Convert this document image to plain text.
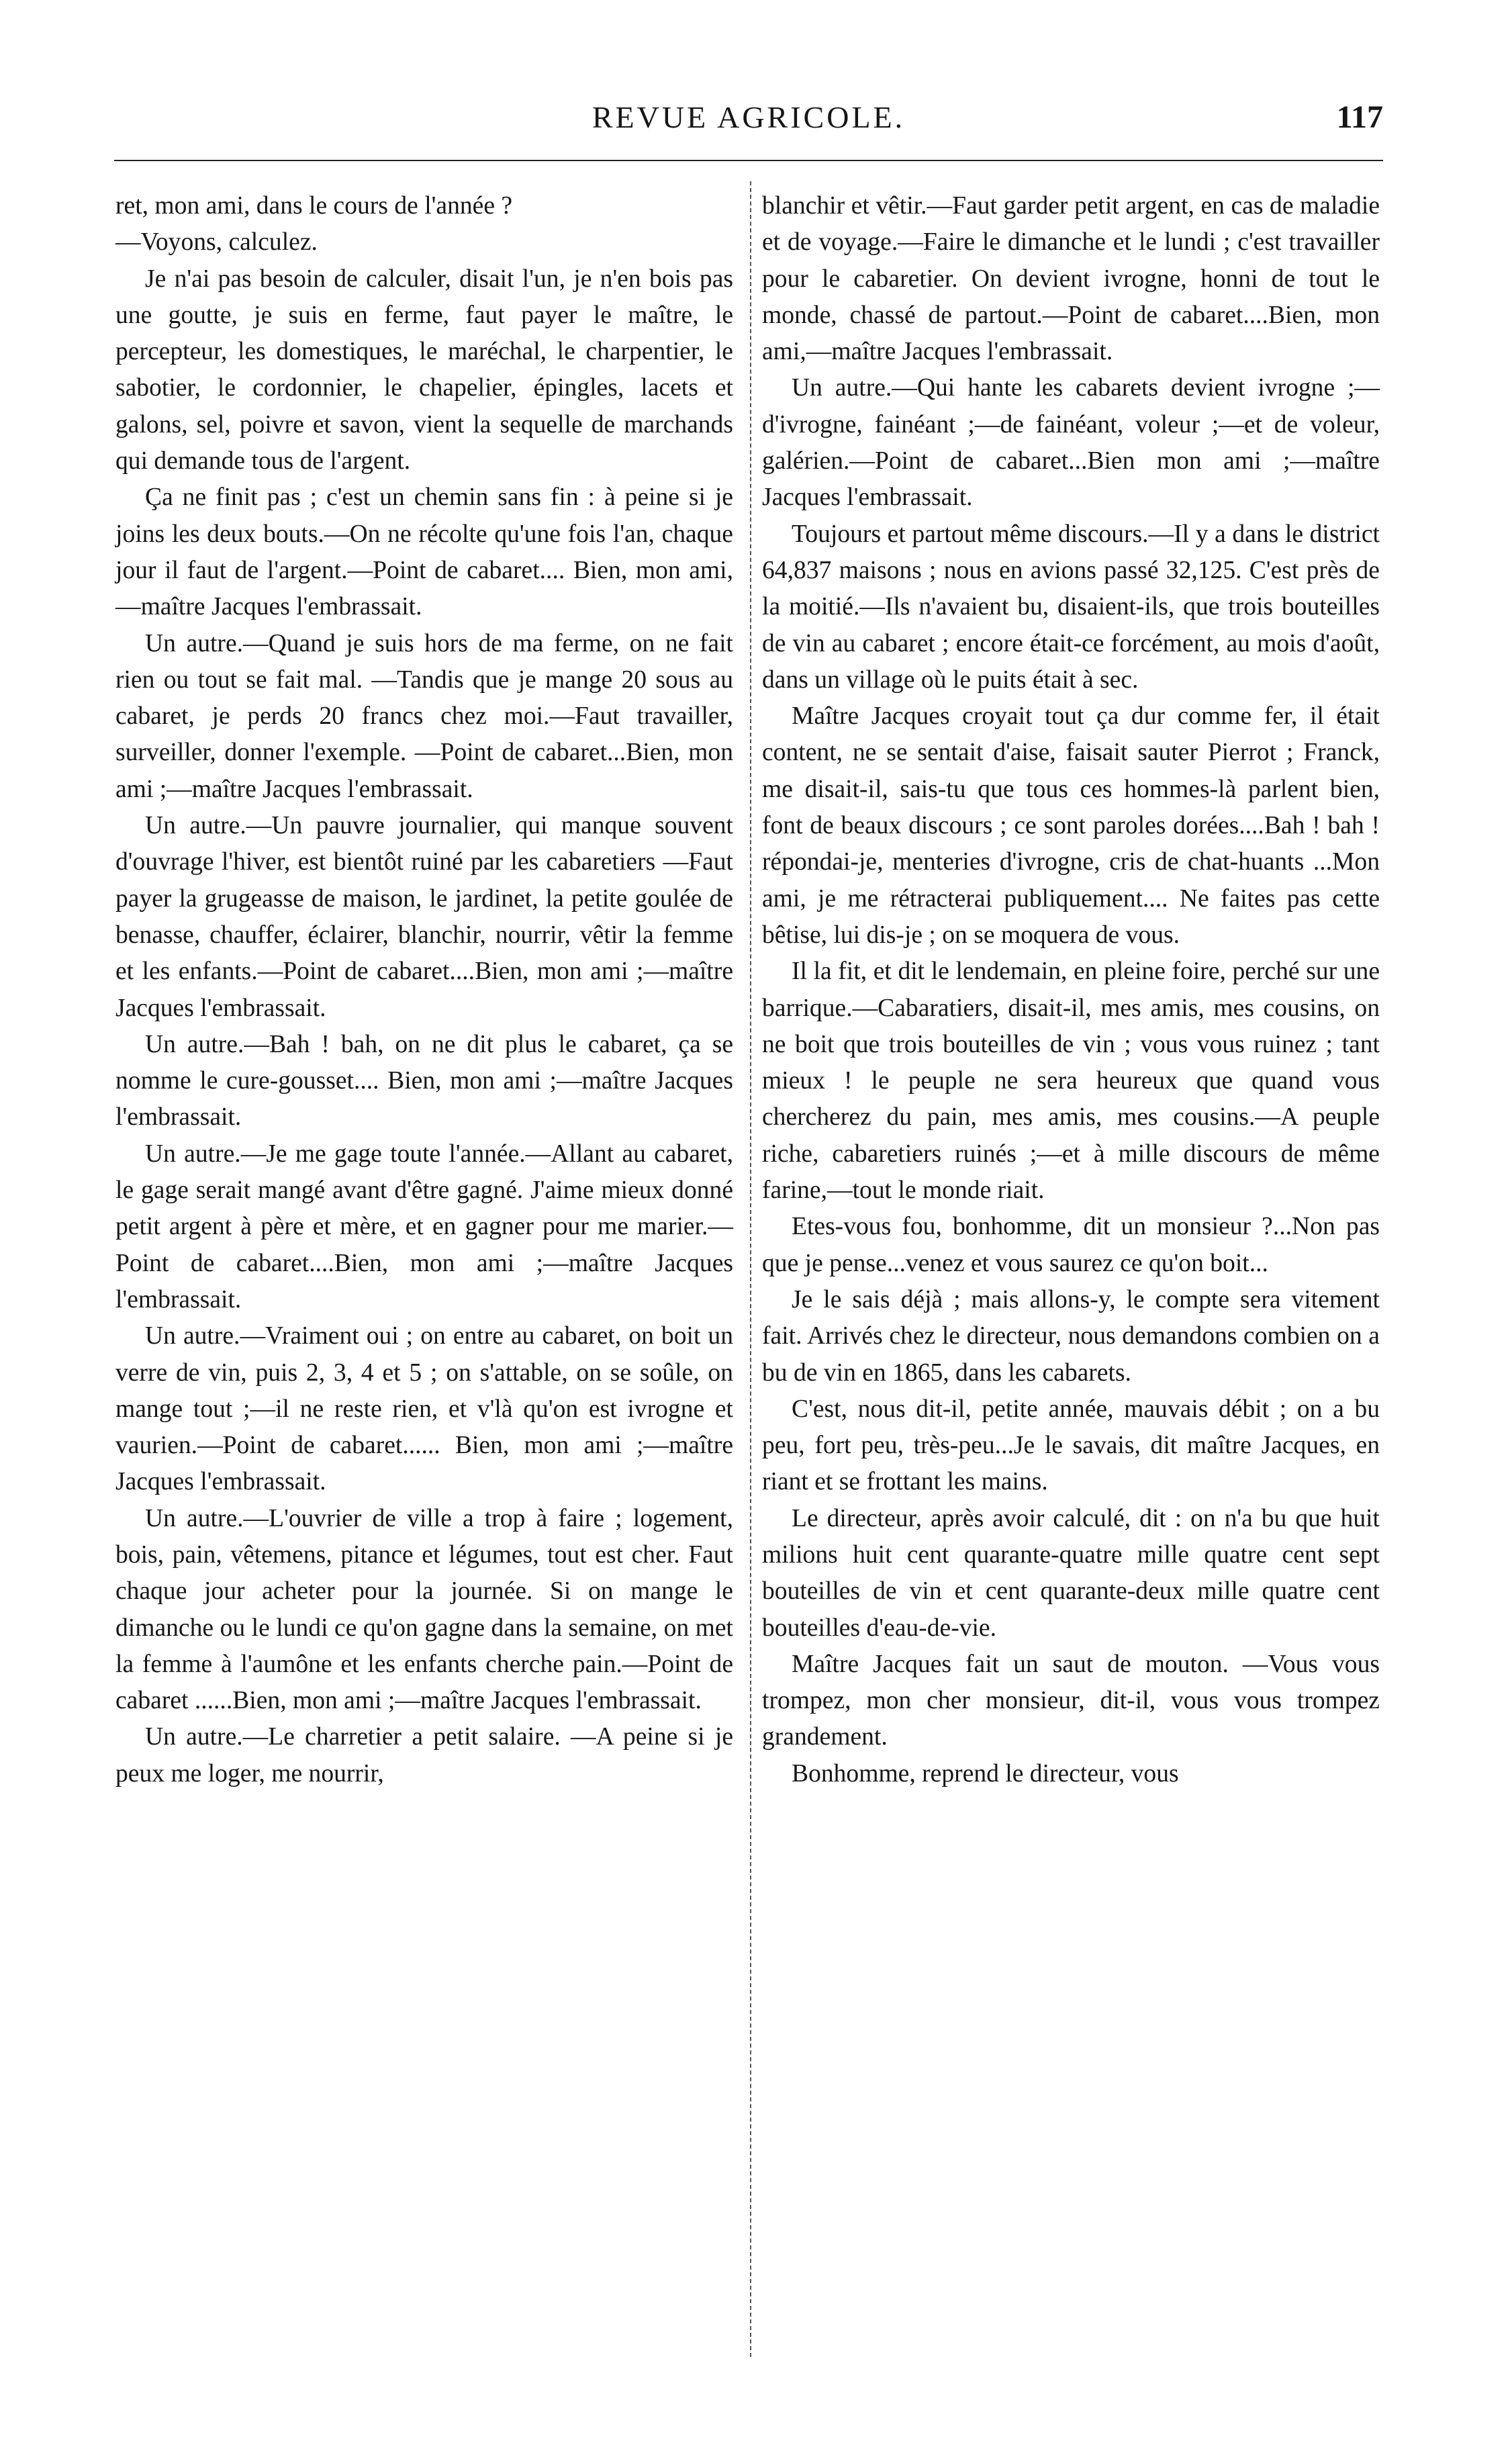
REVUE AGRICOLE.	117

ret, mon ami, dans le cours de l'année ?

—Voyons, calculez.

Je n'ai pas besoin de calculer, disait l'un, je n'en bois pas une goutte, je suis en ferme, faut payer le maître, le percepteur, les domestiques, le maréchal, le charpentier, le sabotier, le cordonnier, le chapelier, épingles, lacets et galons, sel, poivre et savon, vient la sequelle de marchands qui demande tous de l'argent.

Ça ne finit pas ; c'est un chemin sans fin : à peine si je joins les deux bouts.—On ne récolte qu'une fois l'an, chaque jour il faut de l'argent.—Point de cabaret.... Bien, mon ami,—maître Jacques l'embrassait.

Un autre.—Quand je suis hors de ma ferme, on ne fait rien ou tout se fait mal. —Tandis que je mange 20 sous au cabaret, je perds 20 francs chez moi.—Faut travailler, surveiller, donner l'exemple. —Point de cabaret...Bien, mon ami ;—maître Jacques l'embrassait.

Un autre.—Un pauvre journalier, qui manque souvent d'ouvrage l'hiver, est bientôt ruiné par les cabaretiers —Faut payer la grugeasse de maison, le jardinet, la petite goulée de benasse, chauffer, éclairer, blanchir, nourrir, vêtir la femme et les enfants.—Point de cabaret....Bien, mon ami ;—maître Jacques l'embrassait.

Un autre.—Bah ! bah, on ne dit plus le cabaret, ça se nomme le cure-gousset.... Bien, mon ami ;—maître Jacques l'embrassait.

Un autre.—Je me gage toute l'année.—Allant au cabaret, le gage serait mangé avant d'être gagné. J'aime mieux donné petit argent à père et mère, et en gagner pour me marier.—Point de cabaret....Bien, mon ami ;—maître Jacques l'embrassait.

Un autre.—Vraiment oui ; on entre au cabaret, on boit un verre de vin, puis 2, 3, 4 et 5 ; on s'attable, on se soûle, on mange tout ;—il ne reste rien, et v'là qu'on est ivrogne et vaurien.—Point de cabaret...... Bien, mon ami ;—maître Jacques l'embrassait.

Un autre.—L'ouvrier de ville a trop à faire ; logement, bois, pain, vêtemens, pitance et légumes, tout est cher. Faut chaque jour acheter pour la journée. Si on mange le dimanche ou le lundi ce qu'on gagne dans la semaine, on met la femme à l'aumône et les enfants cherche pain.—Point de cabaret ......Bien, mon ami ;—maître Jacques l'embrassait.

Un autre.—Le charretier a petit salaire. —A peine si je peux me loger, me nourrir,

blanchir et vêtir.—Faut garder petit argent, en cas de maladie et de voyage.—Faire le dimanche et le lundi ; c'est travailler pour le cabaretier. On devient ivrogne, honni de tout le monde, chassé de partout.—Point de cabaret....Bien, mon ami,—maître Jacques l'embrassait.

Un autre.—Qui hante les cabarets devient ivrogne ;—d'ivrogne, fainéant ;—de fainéant, voleur ;—et de voleur, galérien.—Point de cabaret...Bien mon ami ;—maître Jacques l'embrassait.

Toujours et partout même discours.—Il y a dans le district 64,837 maisons ; nous en avions passé 32,125. C'est près de la moitié.—Ils n'avaient bu, disaient-ils, que trois bouteilles de vin au cabaret ; encore était-ce forcément, au mois d'août, dans un village où le puits était à sec.

Maître Jacques croyait tout ça dur comme fer, il était content, ne se sentait d'aise, faisait sauter Pierrot ; Franck, me disait-il, sais-tu que tous ces hommes-là parlent bien, font de beaux discours ; ce sont paroles dorées....Bah ! bah ! répondai-je, menteries d'ivrogne, cris de chat-huants ...Mon ami, je me rétracterai publiquement.... Ne faites pas cette bêtise, lui dis-je ; on se moquera de vous.

Il la fit, et dit le lendemain, en pleine foire, perché sur une barrique.—Cabaratiers, disait-il, mes amis, mes cousins, on ne boit que trois bouteilles de vin ; vous vous ruinez ; tant mieux ! le peuple ne sera heureux que quand vous chercherez du pain, mes amis, mes cousins.—A peuple riche, cabaretiers ruinés ;—et à mille discours de même farine,—tout le monde riait.

Etes-vous fou, bonhomme, dit un monsieur ?...Non pas que je pense...venez et vous saurez ce qu'on boit...

Je le sais déjà ; mais allons-y, le compte sera vitement fait. Arrivés chez le directeur, nous demandons combien on a bu de vin en 1865, dans les cabarets.

C'est, nous dit-il, petite année, mauvais débit ; on a bu peu, fort peu, très-peu...Je le savais, dit maître Jacques, en riant et se frottant les mains.

Le directeur, après avoir calculé, dit : on n'a bu que huit milions huit cent quarante-quatre mille quatre cent sept bouteilles de vin et cent quarante-deux mille quatre cent bouteilles d'eau-de-vie.

Maître Jacques fait un saut de mouton. —Vous vous trompez, mon cher monsieur, dit-il, vous vous trompez grandement.

Bonhomme, reprend le directeur, vous
